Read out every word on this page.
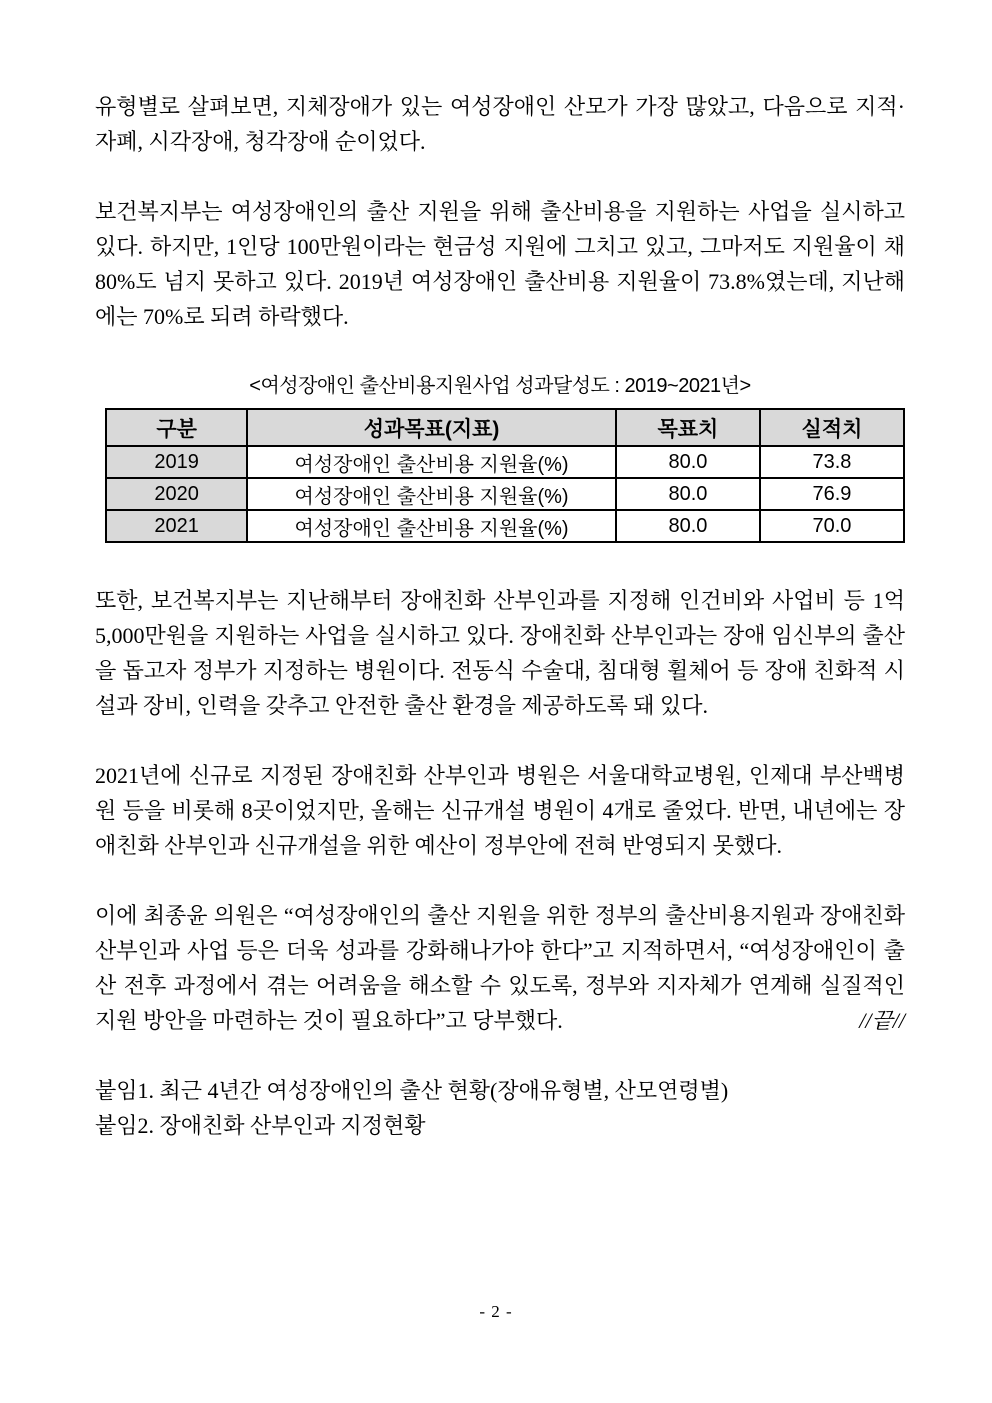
유형별로 살펴보면, 지체장애가 있는 여성장애인 산모가 가장 많았고, 다음으로 지적·자폐, 시각장애, 청각장애 순이었다.

보건복지부는 여성장애인의 출산 지원을 위해 출산비용을 지원하는 사업을 실시하고 있다. 하지만, 1인당 100만원이라는 현금성 지원에 그치고 있고, 그마저도 지원율이 채 80%도 넘지 못하고 있다. 2019년 여성장애인 출산비용 지원율이 73.8%였는데, 지난해에는 70%로 되려 하락했다.

<여성장애인 출산비용지원사업 성과달성도 : 2019~2021년>
구분	성과목표(지표)	목표치	실적치
2019	여성장애인 출산비용 지원율(%)	80.0	73.8
2020	여성장애인 출산비용 지원율(%)	80.0	76.9
2021	여성장애인 출산비용 지원율(%)	80.0	70.0

또한, 보건복지부는 지난해부터 장애친화 산부인과를 지정해 인건비와 사업비 등 1억 5,000만원을 지원하는 사업을 실시하고 있다. 장애친화 산부인과는 장애 임신부의 출산을 돕고자 정부가 지정하는 병원이다. 전동식 수술대, 침대형 휠체어 등 장애 친화적 시설과 장비, 인력을 갖추고 안전한 출산 환경을 제공하도록 돼 있다.

2021년에 신규로 지정된 장애친화 산부인과 병원은 서울대학교병원, 인제대 부산백병원 등을 비롯해 8곳이었지만, 올해는 신규개설 병원이 4개로 줄었다. 반면, 내년에는 장애친화 산부인과 신규개설을 위한 예산이 정부안에 전혀 반영되지 못했다.

이에 최종윤 의원은 “여성장애인의 출산 지원을 위한 정부의 출산비용지원과 장애친화 산부인과 사업 등은 더욱 성과를 강화해나가야 한다”고 지적하면서, “여성장애인이 출산 전후 과정에서 겪는 어려움을 해소할 수 있도록, 정부와 지자체가 연계해 실질적인 지원 방안을 마련하는 것이 필요하다”고 당부했다.	//끝//
붙임1. 최근 4년간 여성장애인의 출산 현황(장애유형별, 산모연령별)
붙임2. 장애친화 산부인과 지정현황
- 2 -
